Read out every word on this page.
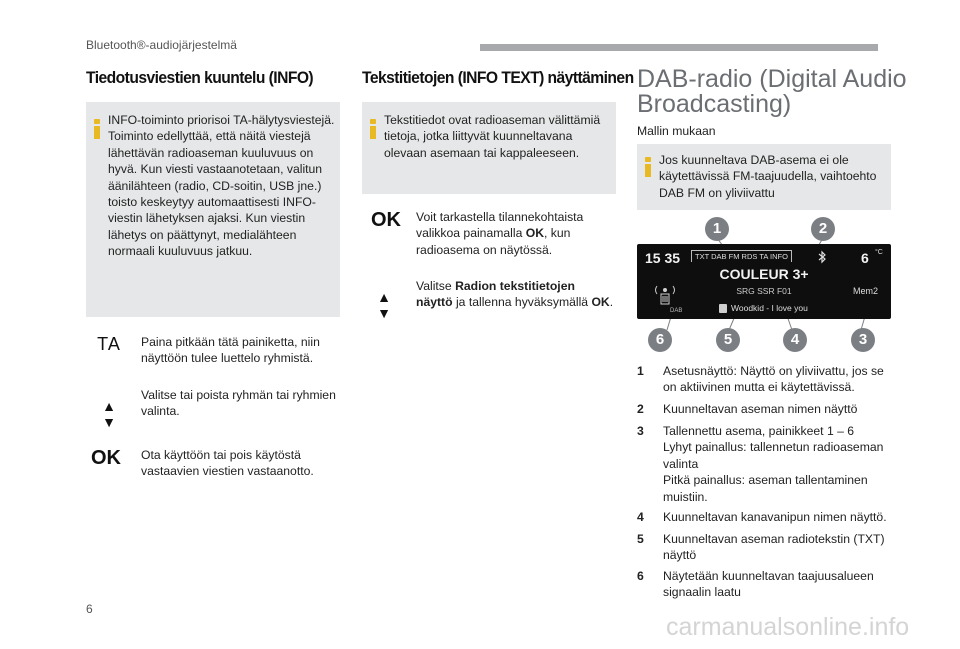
Bluetooth®-audiojärjestelmä
Tiedotusviestien kuuntelu (INFO)
INFO-toiminto priorisoi TA-hälytysviestejä.
Toiminto edellyttää, että näitä viestejä
lähettävän radioaseman kuuluvuus on
hyvä. Kun viesti vastaanotetaan, valitun
äänilähteen (radio, CD-soitin, USB jne.)
toisto keskeytyy automaattisesti INFO-
viestin lähetyksen ajaksi. Kun viestin
lähetys on päättynyt, medialähteen
normaali kuuluvuus jatkuu.
TA	Paina pitkään tätä painiketta, niin
näyttöön tulee luettelo ryhmistä.
▲
▼
Valitse tai poista ryhmän tai ryhmien
valinta.
OK	Ota käyttöön tai pois käytöstä
vastaavien viestien vastaanotto.
Tekstitietojen (INFO TEXT) näyttäminen
Tekstitiedot ovat radioaseman välittämiä
tietoja, jotka liittyvät kuunneltavana
olevaan asemaan tai kappaleeseen.
OK	Voit tarkastella tilannekohtaista
valikkoa painamalla OK, kun
radioasema on näytössä.
▲
▼
Valitse Radion tekstitietojen
näyttö ja tallenna hyväksymällä OK.
DAB-radio (Digital Audio
Broadcasting)
Mallin mukaan
Jos kuunneltava DAB-asema ei ole
käytettävissä FM-taajuudella, vaihtoehto
DAB FM on yliviivattu
15 35	TXT DAB FM RDS TA INFO	6 °C
COULEUR 3+
SRG SSR F01	Mem2
DAB	Woodkid - I love you
1	2
6	5	4	3
1 Asetusnäyttö: Näyttö on yliviivattu, jos se
on aktiivinen mutta ei käytettävissä.
2 Kuunneltavan aseman nimen näyttö
3 Tallennettu asema, painikkeet 1 – 6
Lyhyt painallus: tallennetun radioaseman
valinta
Pitkä painallus: aseman tallentaminen
muistiin.
4 Kuunneltavan kanavanipun nimen näyttö.
5 Kuunneltavan aseman radiotekstin (TXT)
näyttö
6 Näytetään kuunneltavan taajuusalueen
signaalin laatu
6
carmanualsonline.info
